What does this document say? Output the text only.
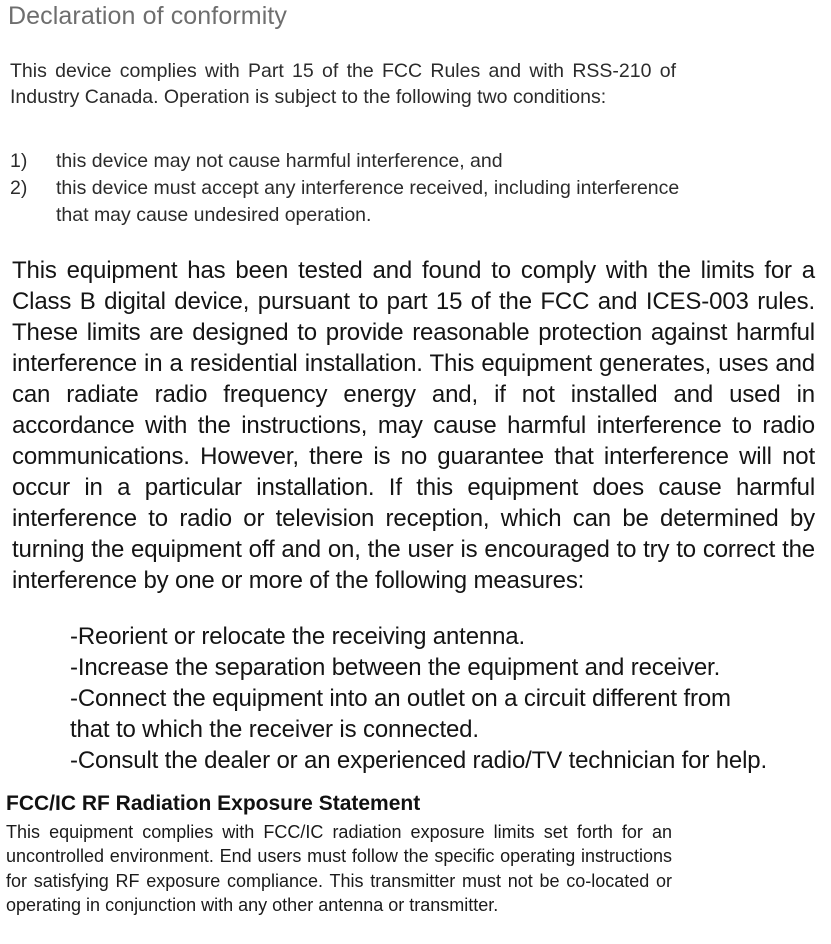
Declaration of conformity

This device complies with Part 15 of the FCC Rules and with RSS-210 of Industry Canada. Operation is subject to the following two conditions:

1) this device may not cause harmful interference, and
2) this device must accept any interference received, including interference that may cause undesired operation.

This equipment has been tested and found to comply with the limits for a Class B digital device, pursuant to part 15 of the FCC and ICES-003 rules. These limits are designed to provide reasonable protection against harmful interference in a residential installation. This equipment generates, uses and can radiate radio frequency energy and, if not installed and used in accordance with the instructions, may cause harmful interference to radio communications. However, there is no guarantee that interference will not occur in a particular installation. If this equipment does cause harmful interference to radio or television reception, which can be determined by turning the equipment off and on, the user is encouraged to try to correct the interference by one or more of the following measures:

-Reorient or relocate the receiving antenna.
-Increase the separation between the equipment and receiver.
-Connect the equipment into an outlet on a circuit different from
that to which the receiver is connected.
-Consult the dealer or an experienced radio/TV technician for help.
FCC/IC RF Radiation Exposure Statement

This equipment complies with FCC/IC radiation exposure limits set forth for an uncontrolled environment. End users must follow the specific operating instructions for satisfying RF exposure compliance. This transmitter must not be co-located or operating in conjunction with any other antenna or transmitter.
